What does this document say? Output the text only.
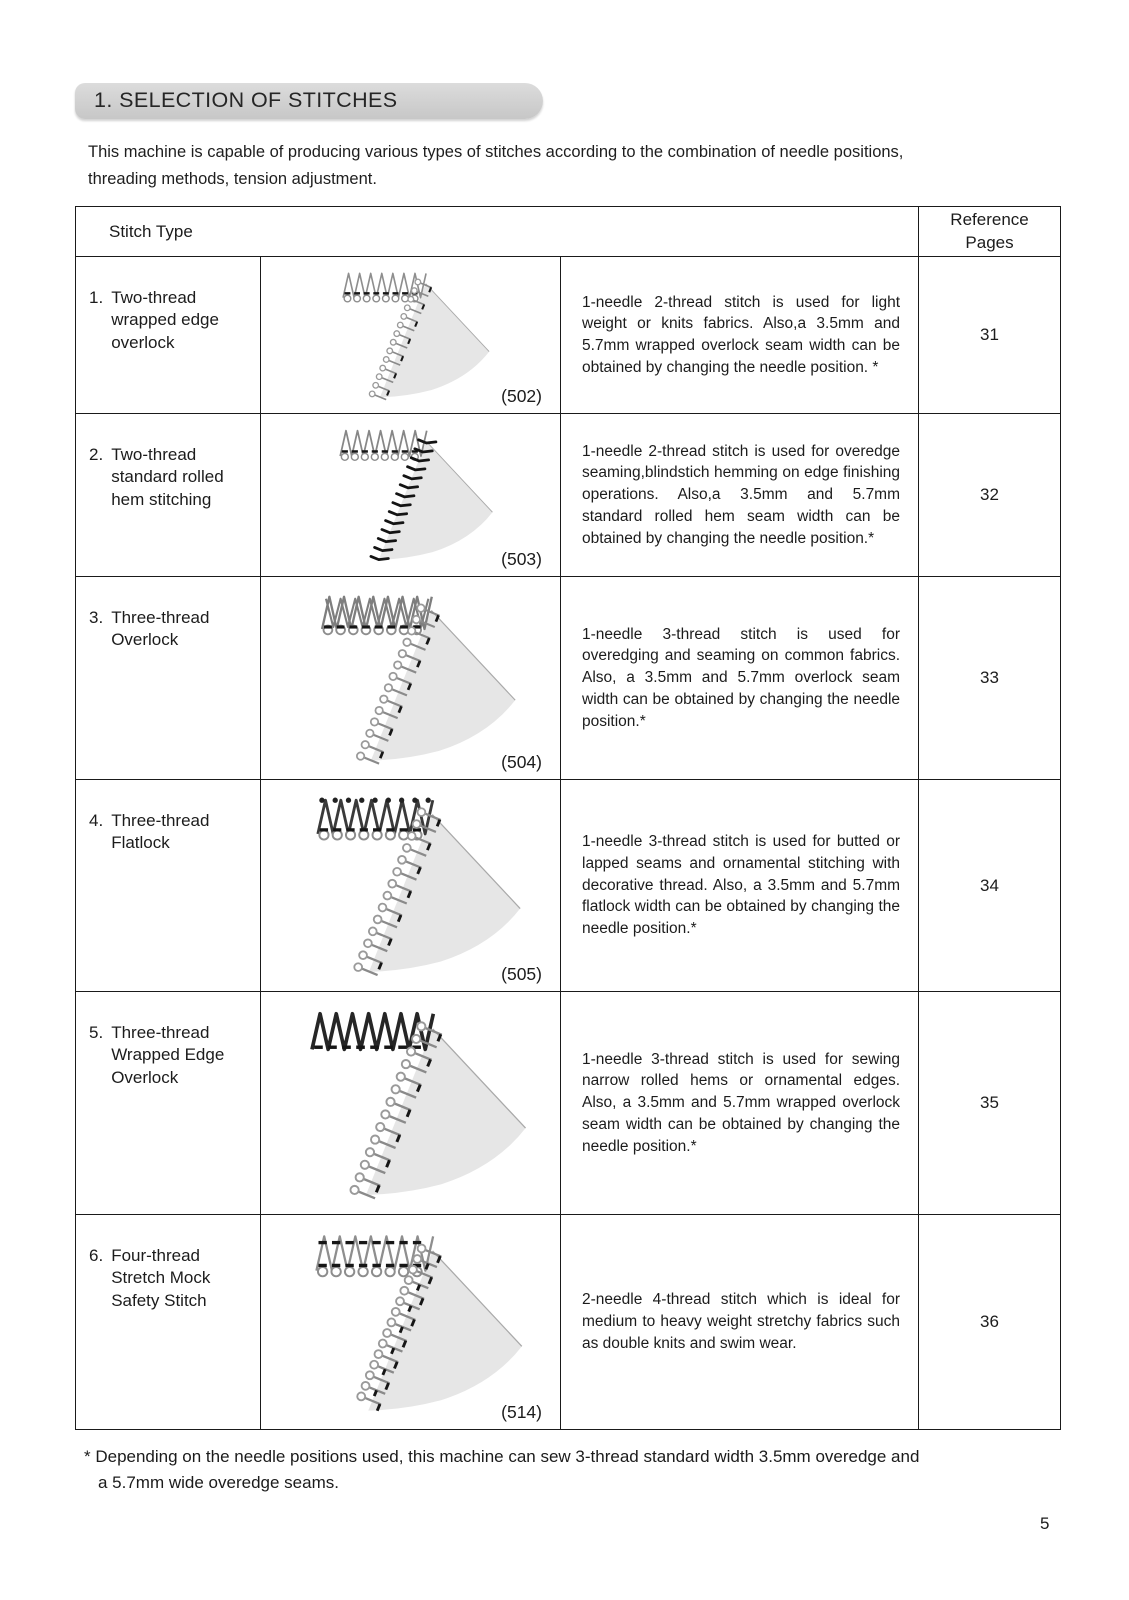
1. SELECTION OF STITCHES
This machine is capable of producing various types of stitches according to the combination of needle positions,
threading methods, tension adjustment.
Stitch Type			Reference Pages

1. Two-thread wrapped edge overlock	(502)	1-needle 2-thread stitch is used for light weight or knits fabrics. Also,a 3.5mm and 5.7mm wrapped overlock seam width can be obtained by changing the needle position. *	31

2. Two-thread standard rolled hem stitching	(503)	1-needle 2-thread stitch is used for overedge seaming,blindstich hemming on edge finishing operations. Also,a 3.5mm and 5.7mm standard rolled hem seam width can be obtained by changing the needle position.*	32

3. Three-thread Overlock	(504)	1-needle 3-thread stitch is used for overedging and seaming on common fabrics. Also, a 3.5mm and 5.7mm overlock seam width can be obtained by changing the needle position.*	33

4. Three-thread Flatlock	(505)	1-needle 3-thread stitch is used for butted or lapped seams and ornamental stitching with decorative thread. Also, a 3.5mm and 5.7mm flatlock width can be obtained by changing the needle position.*	34

5. Three-thread Wrapped Edge Overlock		1-needle 3-thread stitch is used for sewing narrow rolled hems or ornamental edges. Also, a 3.5mm and 5.7mm wrapped overlock seam width can be obtained by changing the needle position.*	35

6. Four-thread Stretch Mock Safety Stitch	(514)	2-needle 4-thread stitch which is ideal for medium to heavy weight stretchy fabrics such as double knits and swim wear.	36
* Depending on the needle positions used, this machine can sew 3-thread standard width 3.5mm overedge and
a 5.7mm wide overedge seams.
5
